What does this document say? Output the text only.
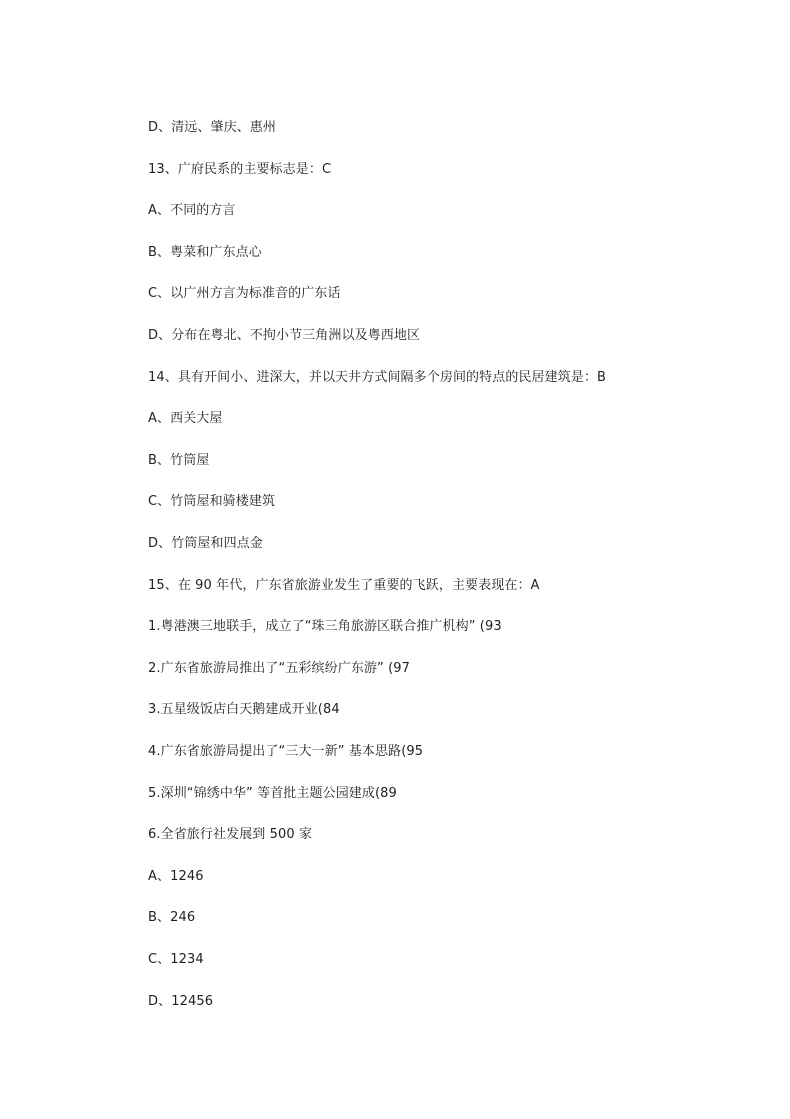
D、清远、肇庆、惠州
13、广府民系的主要标志是：C
A、不同的方言
B、粤菜和广东点心
C、以广州方言为标准音的广东话
D、分布在粤北、不拘小节三角洲以及粤西地区
14、具有开间小、进深大，并以天井方式间隔多个房间的特点的民居建筑是：B
A、西关大屋
B、竹筒屋
C、竹筒屋和骑楼建筑
D、竹筒屋和四点金
15、在 90 年代，广东省旅游业发生了重要的飞跃，主要表现在：A
1.粤港澳三地联手，成立了“珠三角旅游区联合推广机构” (93
2.广东省旅游局推出了“五彩缤纷广东游” (97
3.五星级饭店白天鹅建成开业(84
4.广东省旅游局提出了“三大一新” 基本思路(95
5.深圳“锦绣中华” 等首批主题公园建成(89
6.全省旅行社发展到 500 家
A、1246
B、246
C、1234
D、12456
